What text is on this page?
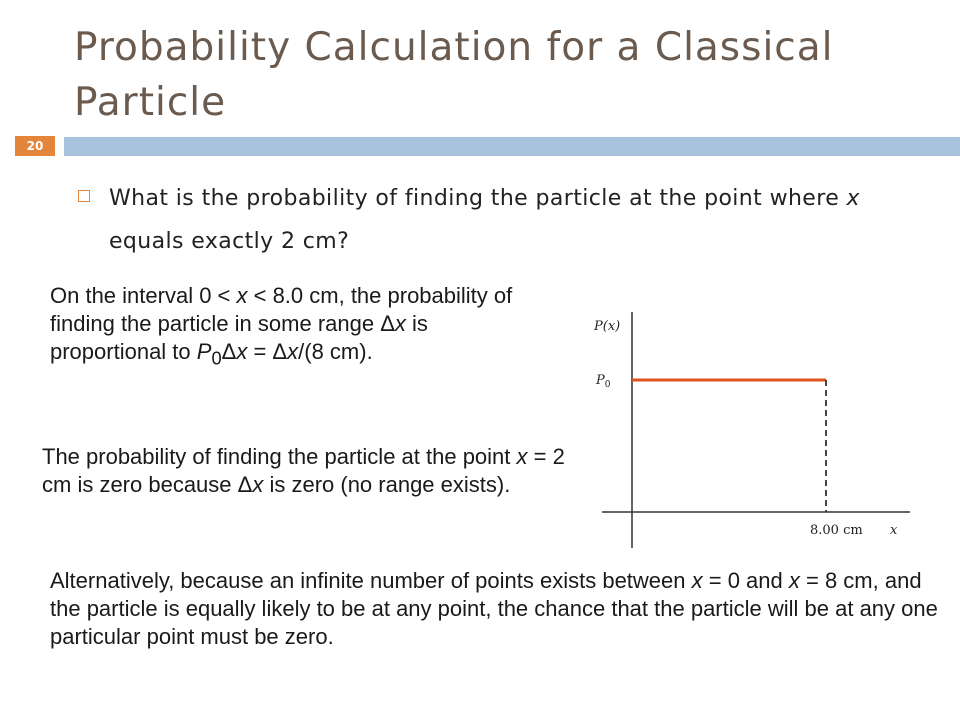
Probability Calculation for a Classical Particle
20
What is the probability of finding the particle at the point where x equals exactly 2 cm?
On the interval 0 < x < 8.0 cm, the probability of finding the particle in some range Δx is proportional to $P_0\Delta x = \Delta x/(8$ cm).
The probability of finding the particle at the point x = 2 cm is zero because Δx is zero (no range exists).
Alternatively, because an infinite number of points exists between x = 0 and x = 8 cm, and the particle is equally likely to be at any point, the chance that the particle will be at any one particular point must be zero.
P(x)
$P_0$
8.00 cm x
